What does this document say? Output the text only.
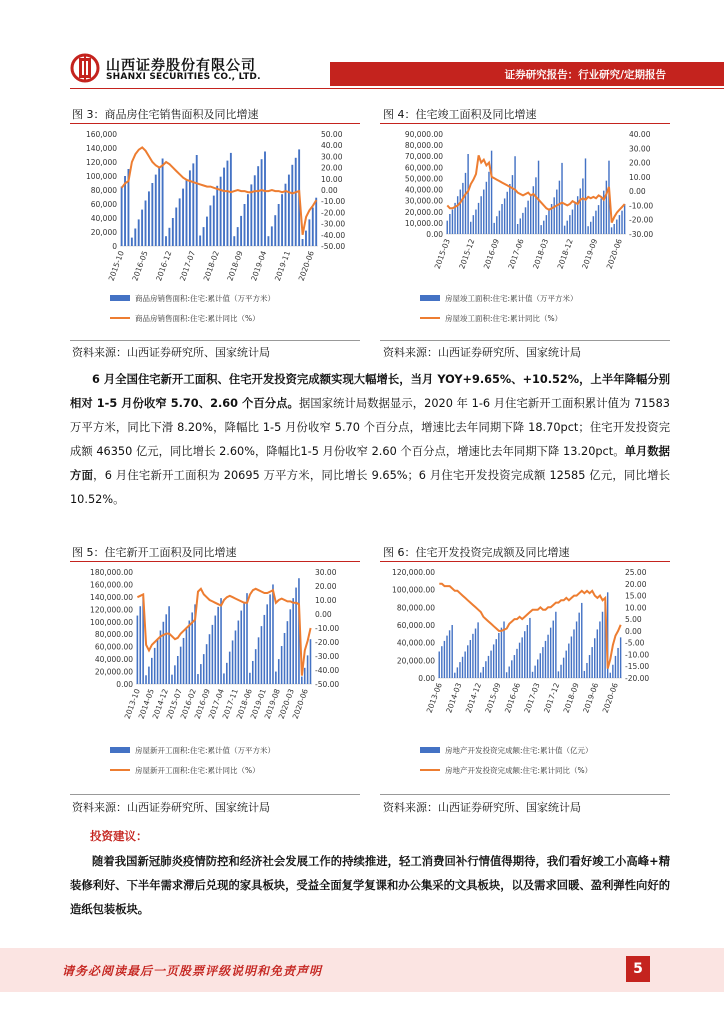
山西证券股份有限公司
SHANXI SECURITIES CO., LTD.	证券研究报告：行业研究/定期报告
图 3：商品房住宅销售面积及同比增速
160,000
140,000
120,000
100,000
80,000
60,000
40,000
20,000
0
50.00
40.00
30.00
20.00
10.00
0.00
-10.00
-20.00
-30.00
-40.00
-50.00
2015-10 2016-05 2016-12 2017-07 2018-02 2018-09 2019-04 2019-11 2020-06
商品房销售面积:住宅:累计值（万平方米）
商品房销售面积:住宅:累计同比（%）
资料来源：山西证券研究所、国家统计局
图 4：住宅竣工面积及同比增速
90,000.00
80,000.00
70,000.00
60,000.00
50,000.00
40,000.00
30,000.00
20,000.00
10,000.00
0.00
40.00
30.00
20.00
10.00
0.00
-10.00
-20.00
-30.00
2015-03 2015-12 2016-09 2017-06 2018-03 2018-12 2019-09 2020-06
房屋竣工面积:住宅:累计值（万平方米）
房屋竣工面积:住宅:累计同比（%）
资料来源：山西证券研究所、国家统计局
6 月全国住宅新开工面积、住宅开发投资完成额实现大幅增长，当月 YOY+9.65%、+10.52%，上半年降幅分别相对 1-5 月份收窄 5.70、2.60 个百分点。据国家统计局数据显示，2020 年 1-6 月住宅新开工面积累计值为 71583 万平方米，同比下滑 8.20%，降幅比 1-5 月份收窄 5.70 个百分点，增速比去年同期下降 18.70pct；住宅开发投资完成额 46350 亿元，同比增长 2.60%，降幅比1-5 月份收窄 2.60 个百分点，增速比去年同期下降 13.20pct。单月数据方面，6 月住宅新开工面积为 20695 万平方米，同比增长 9.65%；6 月住宅开发投资完成额 12585 亿元，同比增长 10.52%。
图 5：住宅新开工面积及同比增速
180,000.00
160,000.00
140,000.00
120,000.00
100,000.00
80,000.00
60,000.00
40,000.00
20,000.00
0.00
30.00
20.00
10.00
0.00
-10.00
-20.00
-30.00
-40.00
-50.00
2013-10
2014-05
2014-12
2015-07
2016-02
2016-09
2017-04
2017-11
2018-06
2019-01
2019-08
2020-03
2020-06
房屋新开工面积:住宅:累计值（万平方米）
房屋新开工面积:住宅:累计同比（%）
资料来源：山西证券研究所、国家统计局
图 6：住宅开发投资完成额及同比增速
120,000.00
100,000.00
80,000.00
60,000.00
40,000.00
20,000.00
0.00
25.00
20.00
15.00
10.00
5.00
0.00
-5.00
-10.00
-15.00
-20.00
2013-06 2014-03 2014-12 2015-09 2016-06 2017-03 2017-12 2018-09 2019-06 2020-06
房地产开发投资完成额:住宅:累计值（亿元）
房地产开发投资完成额:住宅:累计同比（%）
资料来源：山西证券研究所、国家统计局
投资建议：
随着我国新冠肺炎疫情防控和经济社会发展工作的持续推进，轻工消费回补行情值得期待，我们看好竣工小高峰+精装修利好、下半年需求滞后兑现的家具板块，受益全面复学复课和办公集采的文具板块，以及需求回暖、盈利弹性向好的造纸包装板块。
请务必阅读最后一页股票评级说明和免责声明	5
